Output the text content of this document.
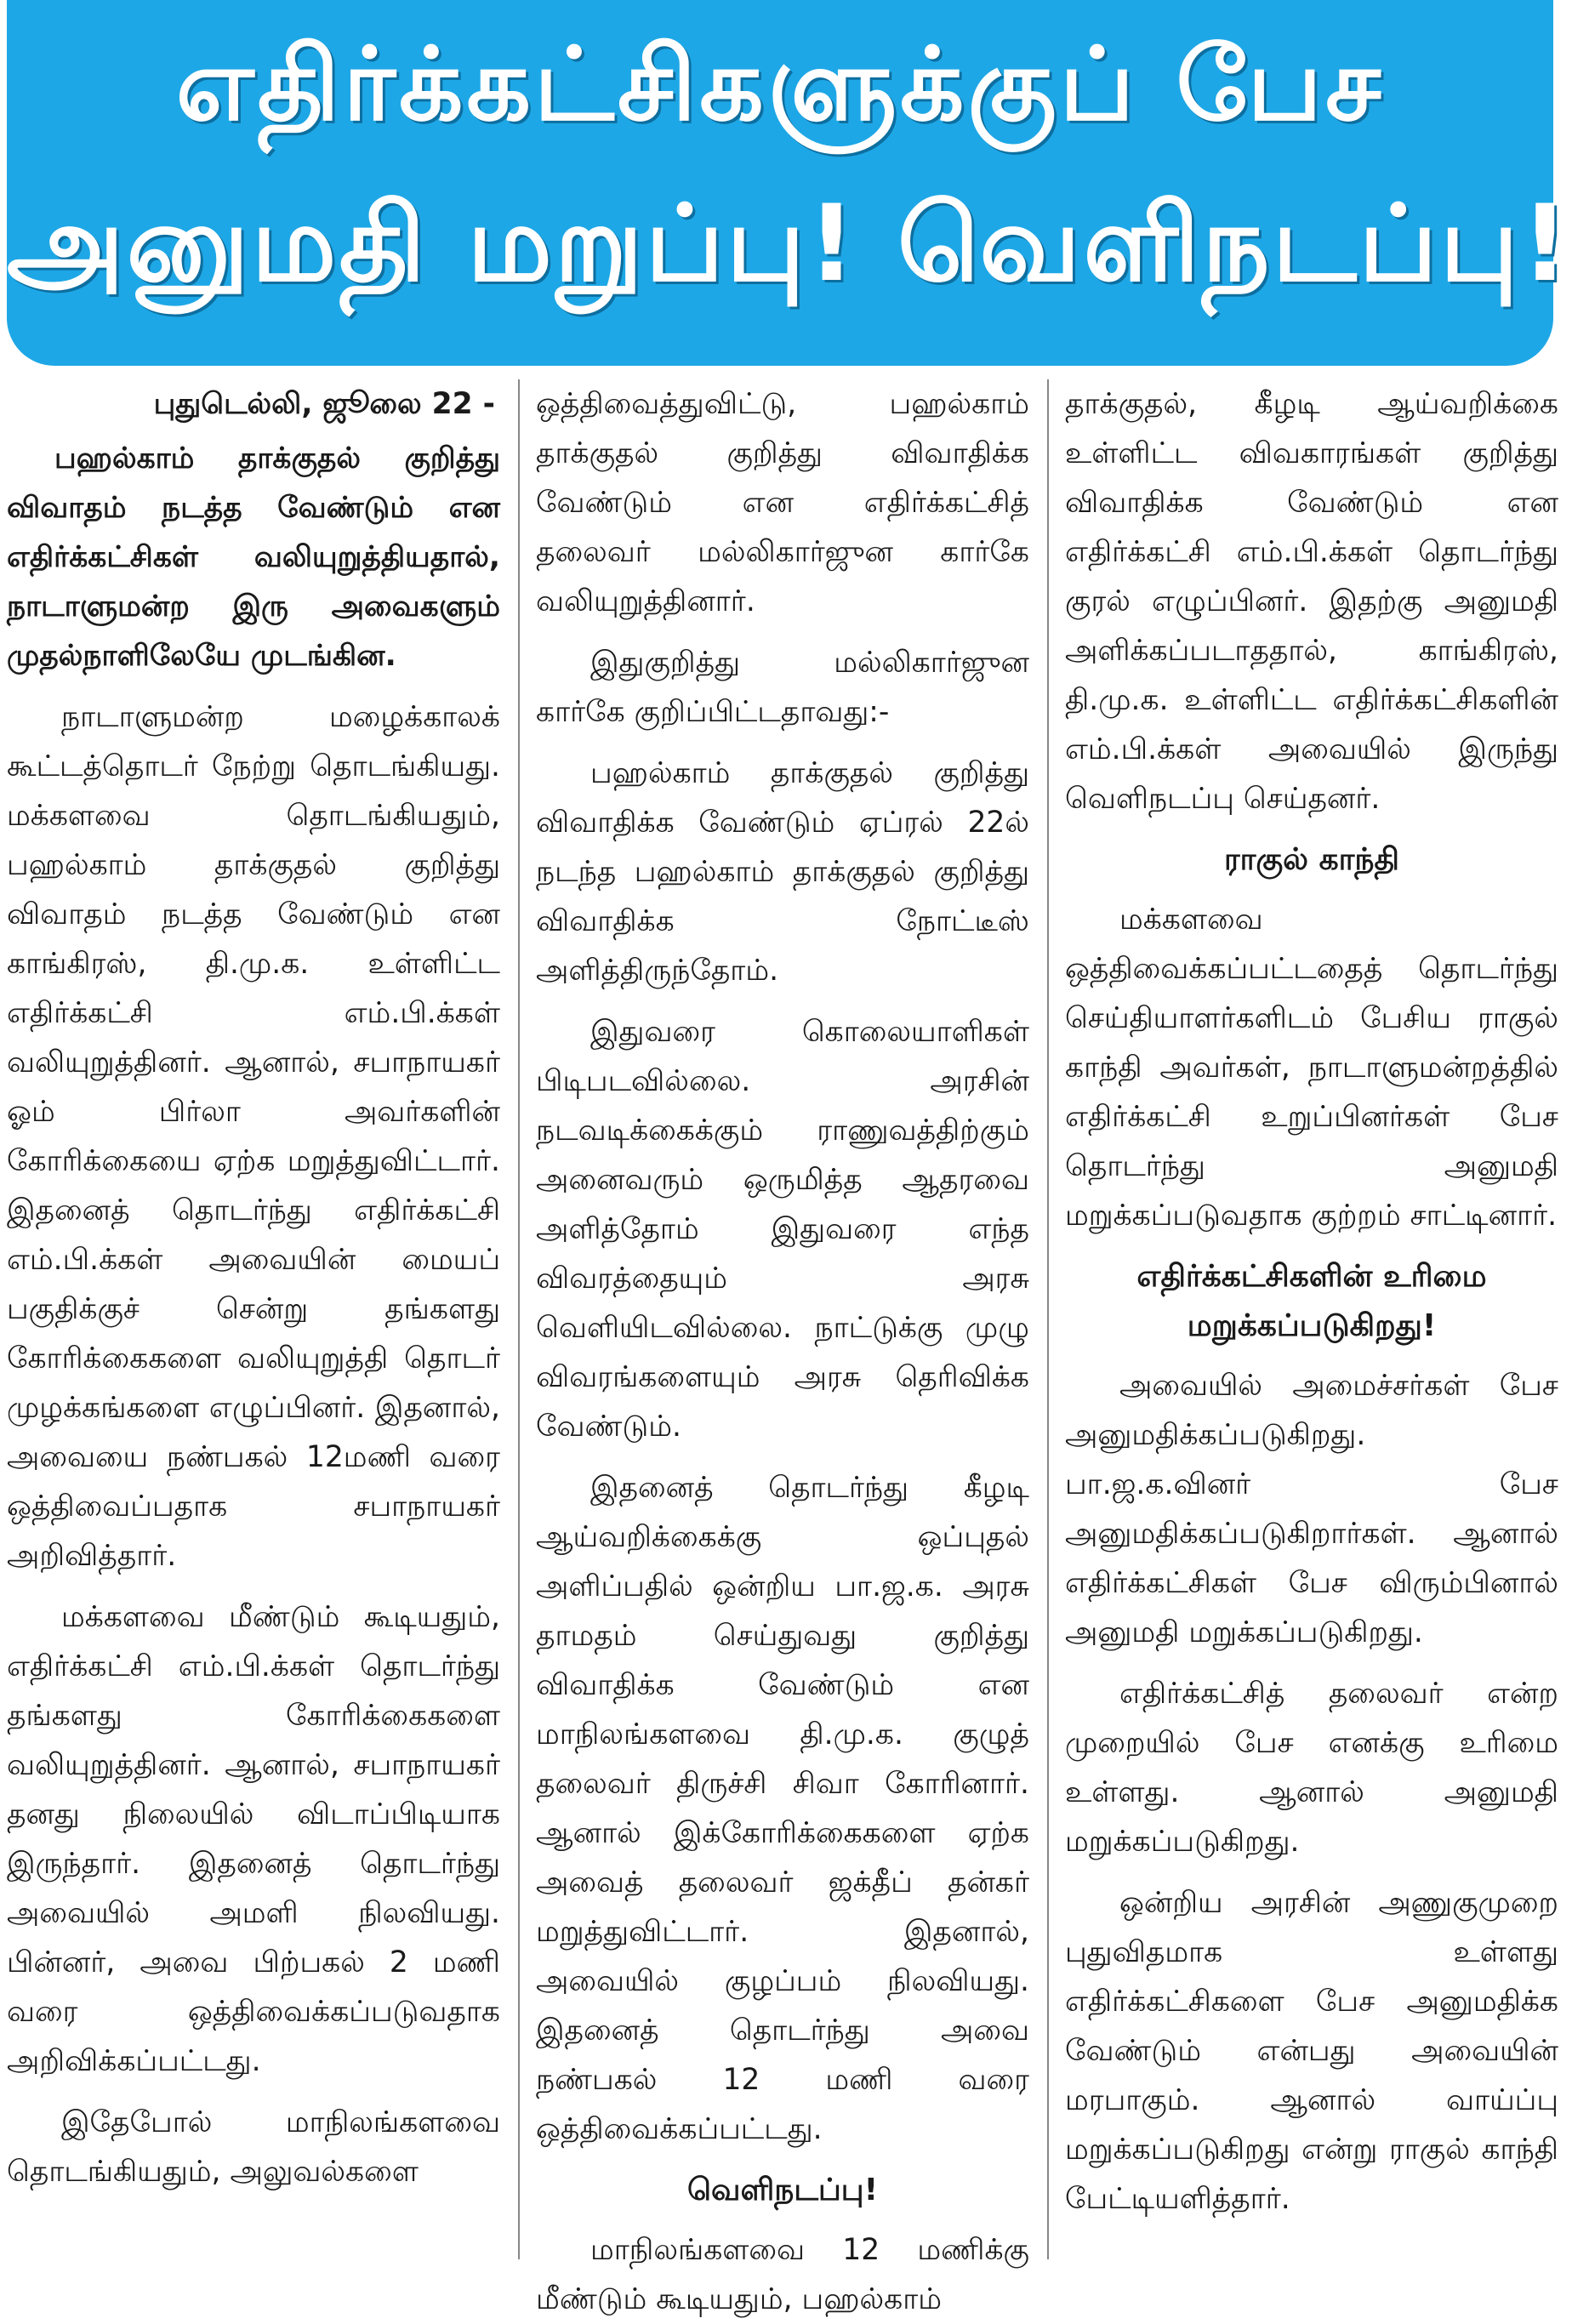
எதிர்க்கட்சிகளுக்குப் பேச
அனுமதி மறுப்பு! வெளிநடப்பு!
புதுடெல்லி, ஜூலை 22 -
பஹல்காம் தாக்குதல் குறித்து விவாதம் நடத்த வேண்டும் என எதிர்க்கட்சிகள் வலியுறுத்தியதால், நாடாளுமன்ற இரு அவைகளும் முதல்நாளிலேயே முடங்கின.

நாடாளுமன்ற மழைக்காலக் கூட்டத்தொடர் நேற்று தொடங்கியது. மக்களவை தொடங்கியதும், பஹல்காம் தாக்குதல் குறித்து விவாதம் நடத்த வேண்டும் என காங்கிரஸ், தி.மு.க. உள்ளிட்ட எதிர்க்கட்சி எம்.பி.க்கள் வலியுறுத்தினர். ஆனால், சபாநாயகர் ஓம் பிர்லா அவர்களின் கோரிக்கையை ஏற்க மறுத்துவிட்டார். இதனைத் தொடர்ந்து எதிர்க்கட்சி எம்.பி.க்கள் அவையின் மையப் பகுதிக்குச் சென்று தங்களது கோரிக்கைகளை வலியுறுத்தி தொடர் முழக்கங்களை எழுப்பினர். இதனால், அவையை நண்பகல் 12மணி வரை ஒத்திவைப்பதாக சபாநாயகர் அறிவித்தார்.

மக்களவை மீண்டும் கூடியதும், எதிர்க்கட்சி எம்.பி.க்கள் தொடர்ந்து தங்களது கோரிக்கைகளை வலியுறுத்தினர். ஆனால், சபாநாயகர் தனது நிலையில் விடாப்பிடியாக இருந்தார். இதனைத் தொடர்ந்து அவையில் அமளி நிலவியது. பின்னர், அவை பிற்பகல் 2 மணி வரை ஒத்திவைக்கப்படுவதாக அறிவிக்கப்பட்டது.

இதேபோல் மாநிலங்களவை தொடங்கியதும், அலுவல்களை

ஒத்திவைத்துவிட்டு, பஹல்காம் தாக்குதல் குறித்து விவாதிக்க வேண்டும் என எதிர்க்கட்சித் தலைவர் மல்லிகார்ஜுன கார்கே வலியுறுத்தினார்.

இதுகுறித்து மல்லிகார்ஜுன கார்கே குறிப்பிட்டதாவது:-

பஹல்காம் தாக்குதல் குறித்து விவாதிக்க வேண்டும் ஏப்ரல் 22ல் நடந்த பஹல்காம் தாக்குதல் குறித்து விவாதிக்க நோட்டீஸ் அளித்திருந்தோம்.

இதுவரை கொலையாளிகள் பிடிபடவில்லை. அரசின் நடவடிக்கைக்கும் ராணுவத்திற்கும் அனைவரும் ஒருமித்த ஆதரவை அளித்தோம் இதுவரை எந்த விவரத்தையும் அரசு வெளியிடவில்லை. நாட்டுக்கு முழு விவரங்களையும் அரசு தெரிவிக்க வேண்டும்.

இதனைத் தொடர்ந்து கீழடி ஆய்வறிக்கைக்கு ஒப்புதல் அளிப்பதில் ஒன்றிய பா.ஜ.க. அரசு தாமதம் செய்துவது குறித்து விவாதிக்க வேண்டும் என மாநிலங்களவை தி.மு.க. குழுத் தலைவர் திருச்சி சிவா கோரினார். ஆனால் இக்கோரிக்கைகளை ஏற்க அவைத் தலைவர் ஜக்தீப் தன்கர் மறுத்துவிட்டார். இதனால், அவையில் குழப்பம் நிலவியது. இதனைத் தொடர்ந்து அவை நண்பகல் 12 மணி வரை ஒத்திவைக்கப்பட்டது.

வெளிநடப்பு!

மாநிலங்களவை 12 மணிக்கு மீண்டும் கூடியதும், பஹல்காம்

தாக்குதல், கீழடி ஆய்வறிக்கை உள்ளிட்ட விவகாரங்கள் குறித்து விவாதிக்க வேண்டும் என எதிர்க்கட்சி எம்.பி.க்கள் தொடர்ந்து குரல் எழுப்பினர். இதற்கு அனுமதி அளிக்கப்படாததால், காங்கிரஸ், தி.மு.க. உள்ளிட்ட எதிர்க்கட்சிகளின் எம்.பி.க்கள் அவையில் இருந்து வெளிநடப்பு செய்தனர்.

ராகுல் காந்தி

மக்களவை ஒத்திவைக்கப்பட்டதைத் தொடர்ந்து செய்தியாளர்களிடம் பேசிய ராகுல் காந்தி அவர்கள், நாடாளுமன்றத்தில் எதிர்க்கட்சி உறுப்பினர்கள் பேச தொடர்ந்து அனுமதி மறுக்கப்படுவதாக குற்றம் சாட்டினார்.

எதிர்க்கட்சிகளின் உரிமை
மறுக்கப்படுகிறது!

அவையில் அமைச்சர்கள் பேச அனுமதிக்கப்படுகிறது. பா.ஜ.க.வினர் பேச அனுமதிக்கப்படுகிறார்கள். ஆனால் எதிர்க்கட்சிகள் பேச விரும்பினால் அனுமதி மறுக்கப்படுகிறது.

எதிர்க்கட்சித் தலைவர் என்ற முறையில் பேச எனக்கு உரிமை உள்ளது. ஆனால் அனுமதி மறுக்கப்படுகிறது.

ஒன்றிய அரசின் அணுகுமுறை புதுவிதமாக உள்ளது எதிர்க்கட்சிகளை பேச அனுமதிக்க வேண்டும் என்பது அவையின் மரபாகும். ஆனால் வாய்ப்பு மறுக்கப்படுகிறது என்று ராகுல் காந்தி பேட்டியளித்தார்.
